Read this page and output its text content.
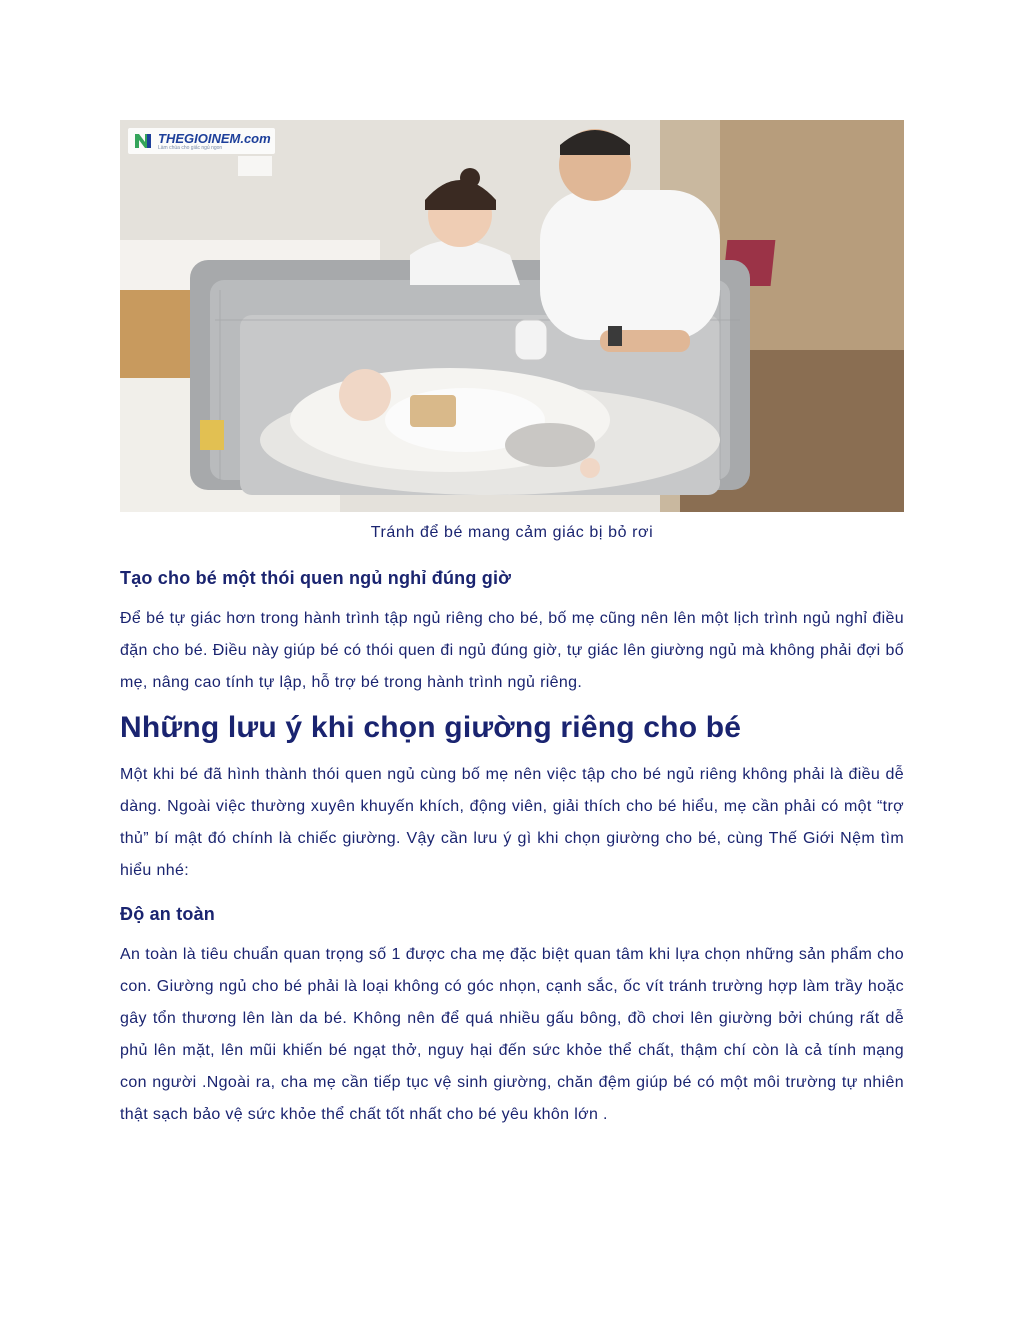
THEGIOINEM.com
Làm chúa cho giấc ngủ ngon
Tránh để bé mang cảm giác bị bỏ rơi
Tạo cho bé một thói quen ngủ nghỉ đúng giờ
Để bé tự giác hơn trong hành trình tập ngủ riêng cho bé, bố mẹ cũng nên lên một lịch trình ngủ nghỉ điều đặn cho bé. Điều này giúp bé có thói quen đi ngủ đúng giờ, tự giác lên giường ngủ mà không phải đợi bố mẹ, nâng cao tính tự lập, hỗ trợ bé trong hành trình ngủ riêng.
Những lưu ý khi chọn giường riêng cho bé
Một khi bé đã hình thành thói quen ngủ cùng bố mẹ nên việc tập cho bé ngủ riêng không phải là điều dễ dàng. Ngoài việc thường xuyên khuyến khích, động viên, giải thích cho bé hiểu, mẹ cần phải có một “trợ thủ” bí mật đó chính là chiếc giường. Vậy cần lưu ý gì khi chọn giường cho bé, cùng Thế Giới Nệm tìm hiểu nhé:
Độ an toàn
An toàn là tiêu chuẩn quan trọng số 1 được cha mẹ đặc biệt quan tâm khi lựa chọn những sản phẩm cho con. Giường ngủ cho bé phải là loại không có góc nhọn, cạnh sắc, ốc vít tránh trường hợp làm trầy hoặc gây tổn thương lên làn da bé. Không nên để quá nhiều gấu bông, đồ chơi lên giường bởi chúng rất dễ phủ lên mặt, lên mũi khiến bé ngạt thở, nguy hại đến sức khỏe thể chất, thậm chí còn là cả tính mạng con người .Ngoài ra, cha mẹ cần tiếp tục vệ sinh giường, chăn đệm giúp bé có một môi trường tự nhiên thật sạch bảo vệ sức khỏe thể chất tốt nhất cho bé yêu khôn lớn .
